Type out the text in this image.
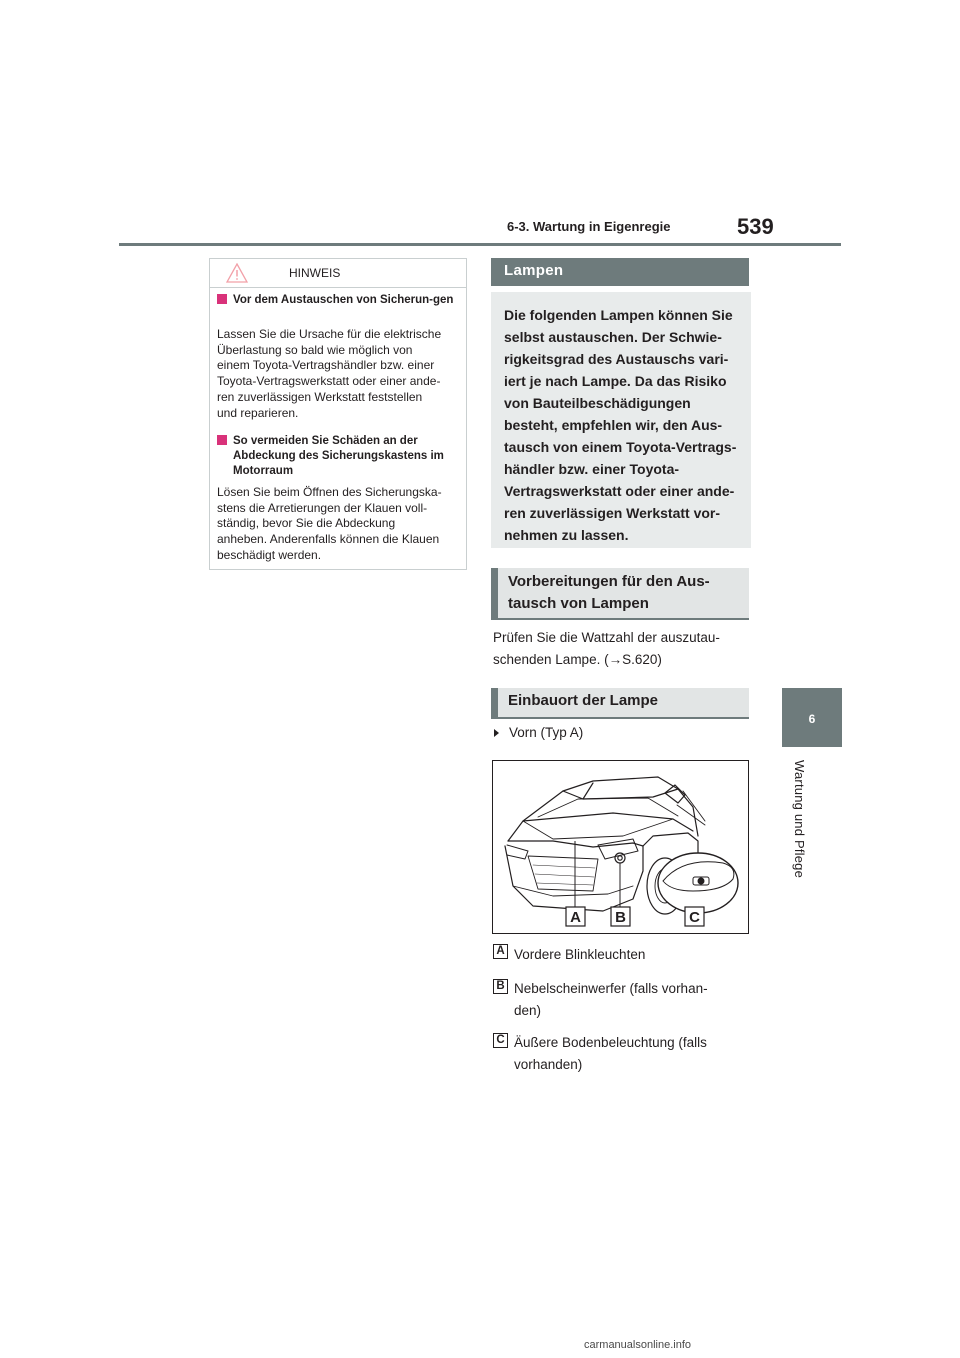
6-3. Wartung in Eigenregie	539
6
Wartung und Pflege
HINWEIS
Vor dem Austauschen von Sicherun-gen
Lassen Sie die Ursache für die elektrische
Überlastung so bald wie möglich von
einem Toyota-Vertragshändler bzw. einer
Toyota-Vertragswerkstatt oder einer ande-
ren zuverlässigen Werkstatt feststellen
und reparieren.
So vermeiden Sie Schäden an der Abdeckung des Sicherungskastens im Motorraum
Lösen Sie beim Öffnen des Sicherungska-
stens die Arretierungen der Klauen voll-
ständig, bevor Sie die Abdeckung
anheben. Anderenfalls können die Klauen
beschädigt werden.
Lampen
Die folgenden Lampen können Sie
selbst austauschen. Der Schwie-
rigkeitsgrad des Austauschs vari-
iert je nach Lampe. Da das Risiko
von Bauteilbeschädigungen
besteht, empfehlen wir, den Aus-
tausch von einem Toyota-Vertrags-
händler bzw. einer Toyota-
Vertragswerkstatt oder einer ande-
ren zuverlässigen Werkstatt vor-
nehmen zu lassen.
Vorbereitungen für den Aus-
tausch von Lampen
Prüfen Sie die Wattzahl der auszutau-
schenden Lampe. (→S.620)
Einbauort der Lampe
Vorn (Typ A)
A B	C
A Vordere Blinkleuchten
B Nebelscheinwerfer (falls vorhan-
den)
C Äußere Bodenbeleuchtung (falls
vorhanden)
carmanualsonline.info
